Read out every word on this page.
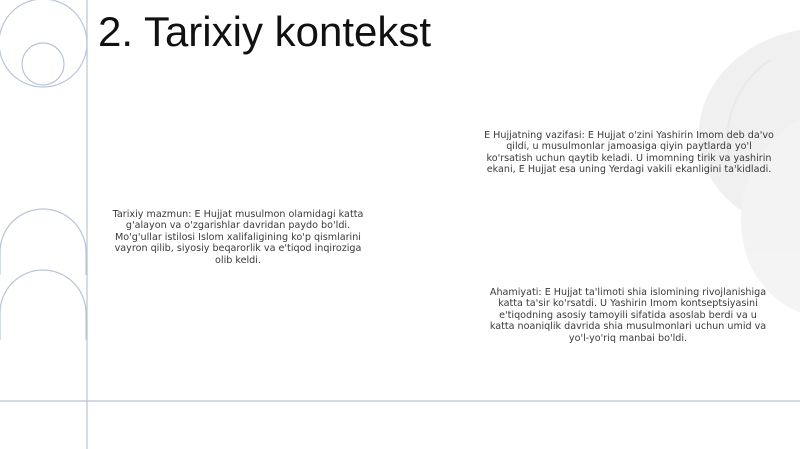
2. Tarixiy kontekst

Tarixiy mazmun: E Hujjat musulmon olamidagi katta g'alayon va o'zgarishlar davridan paydo bo'ldi. Mo'g'ullar istilosi Islom xalifaligining ko'p qismlarini vayron qilib, siyosiy beqarorlik va e'tiqod inqiroziga olib keldi.

E Hujjatning vazifasi: E Hujjat o'zini Yashirin Imom deb da'vo qildi, u musulmonlar jamoasiga qiyin paytlarda yo'l ko'rsatish uchun qaytib keladi. U imomning tirik va yashirin ekani, E Hujjat esa uning Yerdagi vakili ekanligini ta'kidladi.

Ahamiyati: E Hujjat ta'limoti shia islomining rivojlanishiga katta ta'sir ko'rsatdi. U Yashirin Imom kontseptsiyasini e'tiqodning asosiy tamoyili sifatida asoslab berdi va u katta noaniqlik davrida shia musulmonlari uchun umid va yo'l-yo'riq manbai bo'ldi.
